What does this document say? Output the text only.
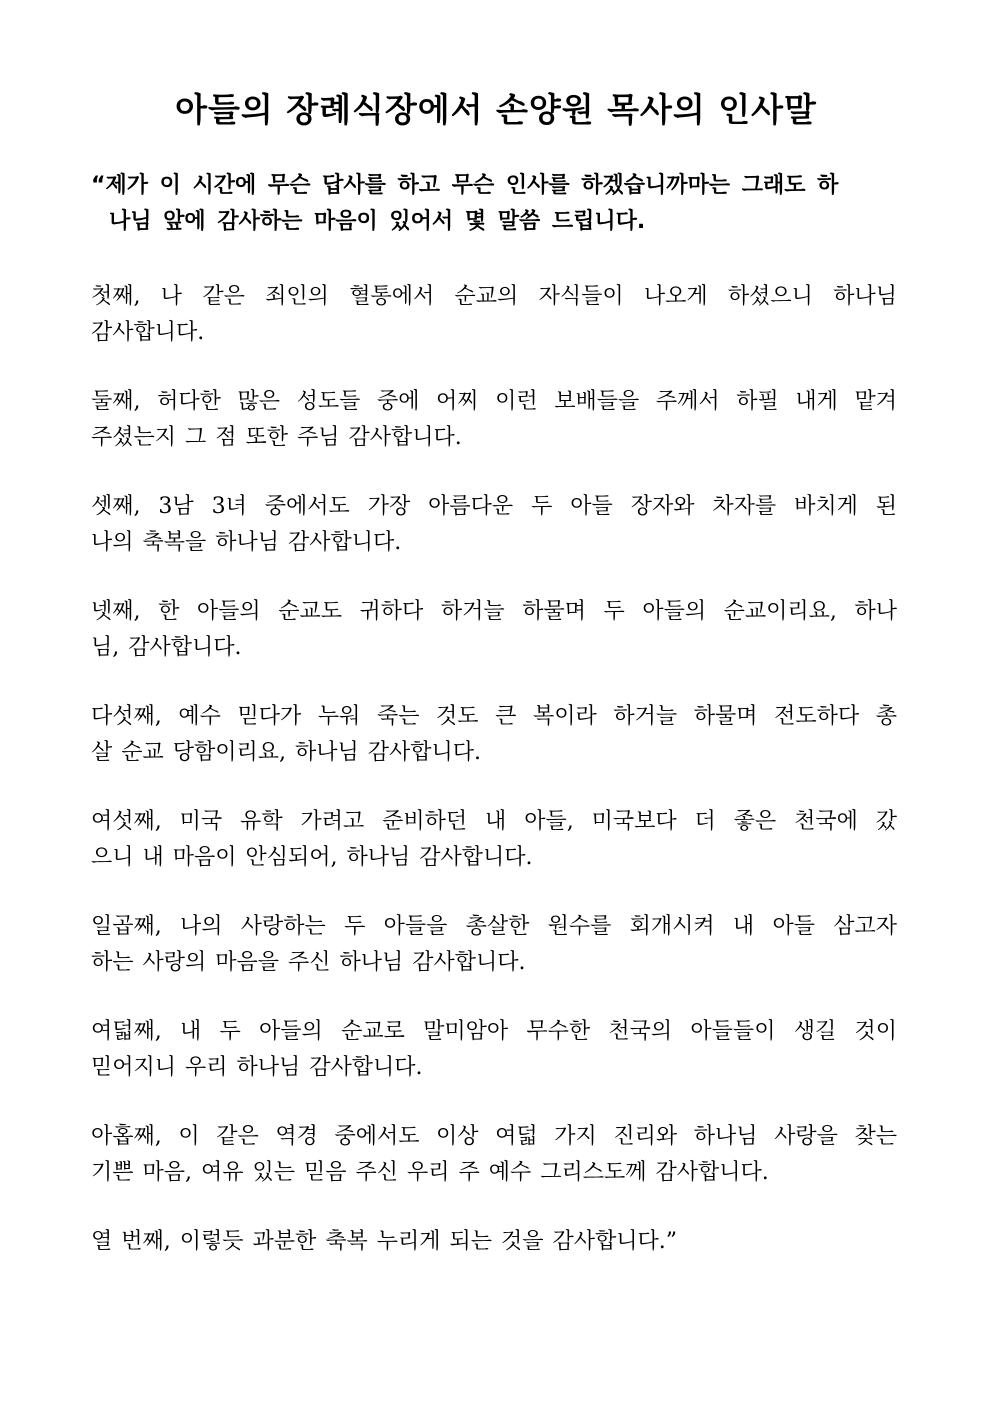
아들의 장례식장에서 손양원 목사의 인사말
“제가 이 시간에 무슨 답사를 하고 무슨 인사를 하겠습니까마는 그래도 하
나님 앞에 감사하는 마음이 있어서 몇 말씀 드립니다.
첫째, 나 같은 죄인의 혈통에서 순교의 자식들이 나오게 하셨으니 하나님
감사합니다.
둘째, 허다한 많은 성도들 중에 어찌 이런 보배들을 주께서 하필 내게 맡겨
주셨는지 그 점 또한 주님 감사합니다.
셋째, 3남 3녀 중에서도 가장 아름다운 두 아들 장자와 차자를 바치게 된
나의 축복을 하나님 감사합니다.
넷째, 한 아들의 순교도 귀하다 하거늘 하물며 두 아들의 순교이리요, 하나
님, 감사합니다.
다섯째, 예수 믿다가 누워 죽는 것도 큰 복이라 하거늘 하물며 전도하다 총
살 순교 당함이리요, 하나님 감사합니다.
여섯째, 미국 유학 가려고 준비하던 내 아들, 미국보다 더 좋은 천국에 갔
으니 내 마음이 안심되어, 하나님 감사합니다.
일곱째, 나의 사랑하는 두 아들을 총살한 원수를 회개시켜 내 아들 삼고자
하는 사랑의 마음을 주신 하나님 감사합니다.
여덟째, 내 두 아들의 순교로 말미암아 무수한 천국의 아들들이 생길 것이
믿어지니 우리 하나님 감사합니다.
아홉째, 이 같은 역경 중에서도 이상 여덟 가지 진리와 하나님 사랑을 찾는
기쁜 마음, 여유 있는 믿음 주신 우리 주 예수 그리스도께 감사합니다.
열 번째, 이렇듯 과분한 축복 누리게 되는 것을 감사합니다.”
